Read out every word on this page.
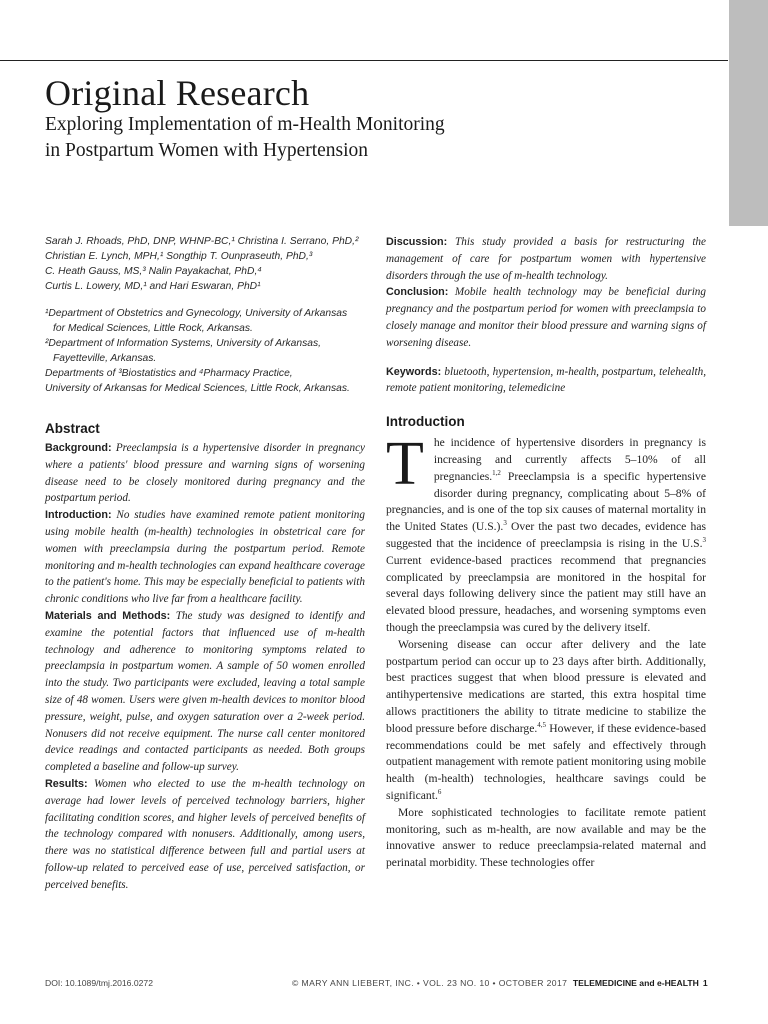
Original Research
Exploring Implementation of m-Health Monitoring
in Postpartum Women with Hypertension

Sarah J. Rhoads, PhD, DNP, WHNP-BC,¹ Christina I. Serrano, PhD,²

Christian E. Lynch, MPH,¹ Songthip T. Ounpraseuth, PhD,³

C. Heath Gauss, MS,³ Nalin Payakachat, PhD,⁴

Curtis L. Lowery, MD,¹ and Hari Eswaran, PhD¹

¹Department of Obstetrics and Gynecology, University of Arkansas

for Medical Sciences, Little Rock, Arkansas.

²Department of Information Systems, University of Arkansas,

Fayetteville, Arkansas.

Departments of ³Biostatistics and ⁴Pharmacy Practice,

University of Arkansas for Medical Sciences, Little Rock, Arkansas.

Abstract

Background: Preeclampsia is a hypertensive disorder in pregnancy where a patients' blood pressure and warning signs of worsening disease need to be closely monitored during pregnancy and the postpartum period.

Introduction: No studies have examined remote patient monitoring using mobile health (m-health) technologies in obstetrical care for women with preeclampsia during the postpartum period. Remote monitoring and m-health technologies can expand healthcare coverage to the patient's home. This may be especially beneficial to patients with chronic conditions who live far from a healthcare facility.

Materials and Methods: The study was designed to identify and examine the potential factors that influenced use of m-health technology and adherence to monitoring symptoms related to preeclampsia in postpartum women. A sample of 50 women enrolled into the study. Two participants were excluded, leaving a total sample size of 48 women. Users were given m-health devices to monitor blood pressure, weight, pulse, and oxygen saturation over a 2-week period. Nonusers did not receive equipment. The nurse call center monitored device readings and contacted participants as needed. Both groups completed a baseline and follow-up survey.

Results: Women who elected to use the m-health technology on average had lower levels of perceived technology barriers, higher facilitating condition scores, and higher levels of perceived benefits of the technology compared with nonusers. Additionally, among users, there was no statistical difference between full and partial users at follow-up related to perceived ease of use, perceived satisfaction, or perceived benefits.

Discussion: This study provided a basis for restructuring the management of care for postpartum women with hypertensive disorders through the use of m-health technology.

Conclusion: Mobile health technology may be beneficial during pregnancy and the postpartum period for women with preeclampsia to closely manage and monitor their blood pressure and warning signs of worsening disease.

Keywords: bluetooth, hypertension, m-health, postpartum, telehealth, remote patient monitoring, telemedicine

Introduction

The incidence of hypertensive disorders in pregnancy is increasing and currently affects 5–10% of all pregnancies.$^{1,2}$ Preeclampsia is a specific hypertensive disorder during pregnancy, complicating about 5–8% of pregnancies, and is one of the top six causes of maternal mortality in the United States (U.S.).$^3$ Over the past two decades, evidence has suggested that the incidence of preeclampsia is rising in the U.S.$^3$ Current evidence-based practices recommend that pregnancies complicated by preeclampsia are monitored in the hospital for several days following delivery since the patient may still have an elevated blood pressure, headaches, and worsening symptoms even though the preeclampsia was cured by the delivery itself.

Worsening disease can occur after delivery and the late postpartum period can occur up to 23 days after birth. Additionally, best practices suggest that when blood pressure is elevated and antihypertensive medications are started, this extra hospital time allows practitioners the ability to titrate medicine to stabilize the blood pressure before discharge.$^{4,5}$ However, if these evidence-based recommendations could be met safely and effectively through outpatient management with remote patient monitoring using mobile health (m-health) technologies, healthcare savings could be significant.$^6$

More sophisticated technologies to facilitate remote patient monitoring, such as m-health, are now available and may be the innovative answer to reduce preeclampsia-related maternal and perinatal morbidity. These technologies offer

DOI: 10.1089/tmj.2016.0272	© MARY ANN LIEBERT, INC. • VOL. 23 NO. 10 • OCTOBER 2017 TELEMEDICINE and e-HEALTH 1
